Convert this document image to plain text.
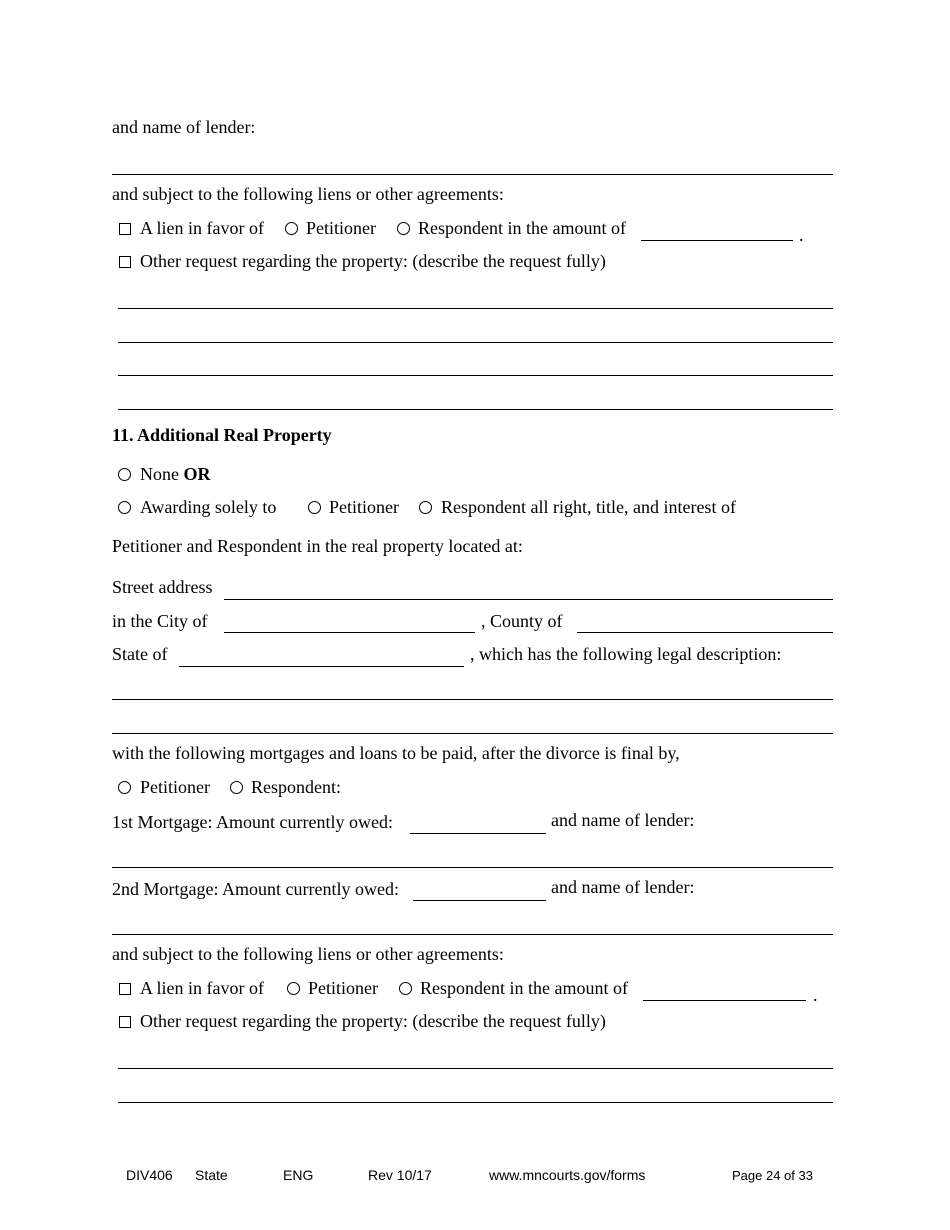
and name of lender:
and subject to the following liens or other agreements:
A lien in favor of Petitioner Respondent in the amount of	.
Other request regarding the property: (describe the request fully)
11. Additional Real Property
None OR
Awarding solely to	Petitioner Respondent all right, title, and interest of
Petitioner and Respondent in the real property located at:
Street address
in the City of	, County of
State of	, which has the following legal description:
with the following mortgages and loans to be paid, after the divorce is final by,
Petitioner Respondent:
1st Mortgage: Amount currently owed:	and name of lender:
2nd Mortgage: Amount currently owed:	and name of lender:
and subject to the following liens or other agreements:
A lien in favor of Petitioner Respondent in the amount of	.
Other request regarding the property: (describe the request fully)
DIV406 State	ENG	Rev 10/17	www.mncourts.gov/forms	Page 24 of 33
